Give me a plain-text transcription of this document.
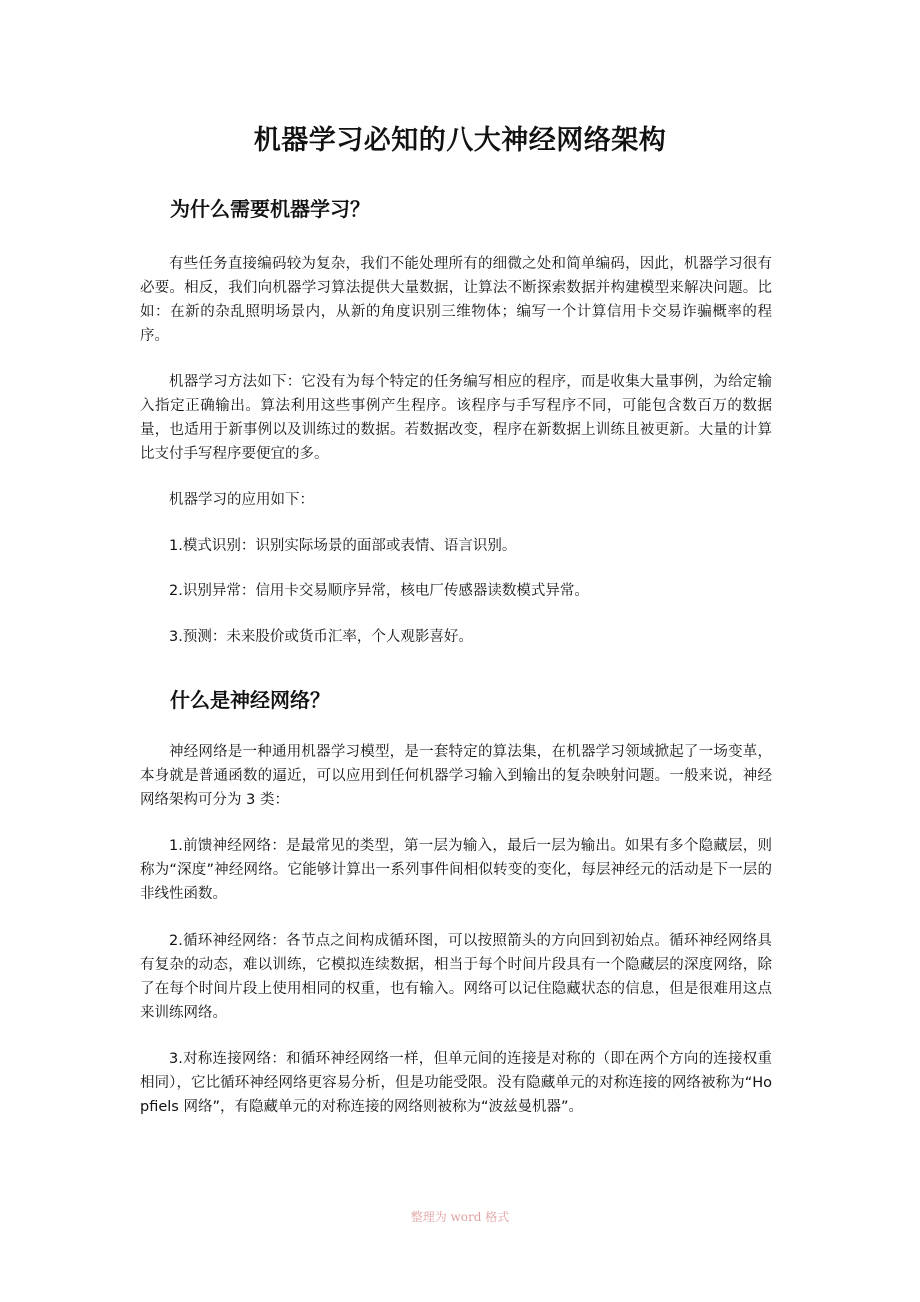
机器学习必知的八大神经网络架构
为什么需要机器学习？

有些任务直接编码较为复杂，我们不能处理所有的细微之处和简单编码，因此，机器学习很有必要。相反，我们向机器学习算法提供大量数据，让算法不断探索数据并构建模型来解决问题。比如：在新的杂乱照明场景内，从新的角度识别三维物体；编写一个计算信用卡交易诈骗概率的程序。

机器学习方法如下：它没有为每个特定的任务编写相应的程序，而是收集大量事例，为给定输入指定正确输出。算法利用这些事例产生程序。该程序与手写程序不同，可能包含数百万的数据量，也适用于新事例以及训练过的数据。若数据改变，程序在新数据上训练且被更新。大量的计算比支付手写程序要便宜的多。

机器学习的应用如下：

1.模式识别：识别实际场景的面部或表情、语言识别。

2.识别异常：信用卡交易顺序异常，核电厂传感器读数模式异常。

3.预测：未来股价或货币汇率，个人观影喜好。

什么是神经网络？

神经网络是一种通用机器学习模型，是一套特定的算法集，在机器学习领域掀起了一场变革，本身就是普通函数的逼近，可以应用到任何机器学习输入到输出的复杂映射问题。一般来说，神经网络架构可分为 3 类：

1.前馈神经网络：是最常见的类型，第一层为输入，最后一层为输出。如果有多个隐藏层，则称为“深度”神经网络。它能够计算出一系列事件间相似转变的变化，每层神经元的活动是下一层的非线性函数。

2.循环神经网络：各节点之间构成循环图，可以按照箭头的方向回到初始点。循环神经网络具有复杂的动态，难以训练，它模拟连续数据，相当于每个时间片段具有一个隐藏层的深度网络，除了在每个时间片段上使用相同的权重，也有输入。网络可以记住隐藏状态的信息，但是很难用这点来训练网络。

3.对称连接网络：和循环神经网络一样，但单元间的连接是对称的（即在两个方向的连接权重相同），它比循环神经网络更容易分析，但是功能受限。没有隐藏单元的对称连接的网络被称为“Hopfiels 网络”，有隐藏单元的对称连接的网络则被称为“波兹曼机器”。

整理为 word 格式
